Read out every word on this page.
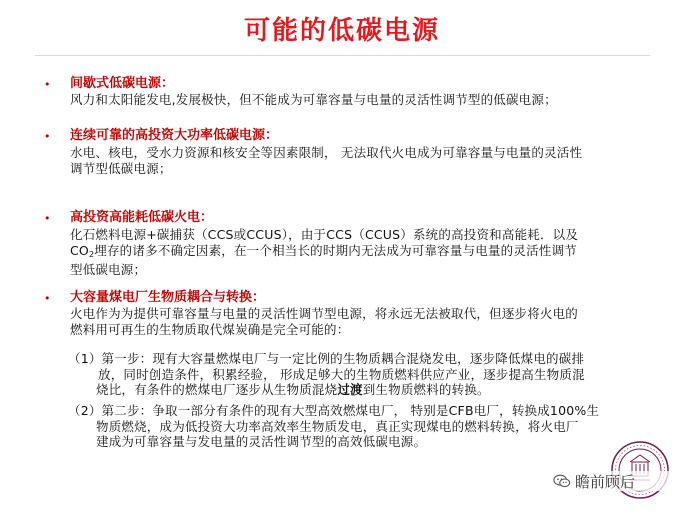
可能的低碳电源
• 间歇式低碳电源：
风力和太阳能发电,发展极快，但不能成为可靠容量与电量的灵活性调节型的低碳电源；
• 连续可靠的高投资大功率低碳电源：
水电、核电，受水力资源和核安全等因素限制， 无法取代火电成为可靠容量与电量的灵活性
调节型低碳电源；
• 高投资高能耗低碳火电：
化石燃料电源+碳捕获（CCS或CCUS），由于CCS（CCUS）系统的高投资和高能耗．以及
CO2埋存的诸多不确定因素，在一个相当长的时期内无法成为可靠容量与电量的灵活性调节
型低碳电源；
• 大容量煤电厂生物质耦合与转换：
火电作为为提供可靠容量与电量的灵活性调节型电源，将永远无法被取代，但逐步将火电的
燃料用可再生的生物质取代煤炭确是完全可能的：
（1）第一步：现有大容量燃煤电厂与一定比例的生物质耦合混烧发电，逐步降低煤电的碳排
放，同时创造条件，积累经验， 形成足够大的生物质燃料供应产业，逐步提高生物质混
烧比，有条件的燃煤电厂逐步从生物质混烧过渡到生物质燃料的转换。
（2）第二步：争取一部分有条件的现有大型高效燃煤电厂， 特别是CFB电厂，转换成100%生
物质燃烧，成为低投资大功率高效率生物质发电，真正实现煤电的燃料转换，将火电厂
建成为可靠容量与发电量的灵活性调节型的高效低碳电源。
瞻前顾后
